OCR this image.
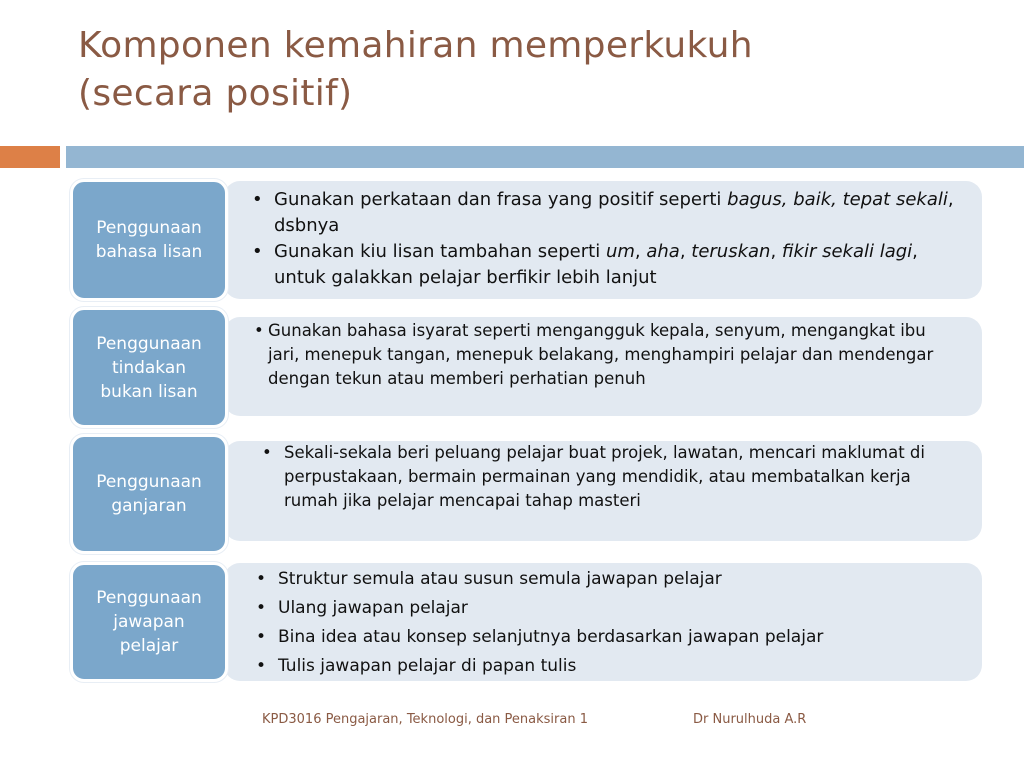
Komponen kemahiran memperkukuh
(secara positif)
• Gunakan perkataan dan frasa yang positif seperti bagus, baik, tepat sekali, dsbnya
• Gunakan kiu lisan tambahan seperti um, aha, teruskan, fikir sekali lagi, untuk galakkan pelajar berfikir lebih lanjut
Penggunaan bahasa lisan
• Gunakan bahasa isyarat seperti mengangguk kepala, senyum, mengangkat ibu jari, menepuk tangan, menepuk belakang, menghampiri pelajar dan mendengar dengan tekun atau memberi perhatian penuh
Penggunaan tindakan bukan lisan
• Sekali-sekala beri peluang pelajar buat projek, lawatan, mencari maklumat di perpustakaan, bermain permainan yang mendidik, atau membatalkan kerja rumah jika pelajar mencapai tahap masteri
Penggunaan ganjaran
• Struktur semula atau susun semula jawapan pelajar
• Ulang jawapan pelajar
• Bina idea atau konsep selanjutnya berdasarkan jawapan pelajar
• Tulis jawapan pelajar di papan tulis
Penggunaan jawapan pelajar
KPD3016 Pengajaran, Teknologi, dan Penaksiran 1	Dr Nurulhuda A.R
